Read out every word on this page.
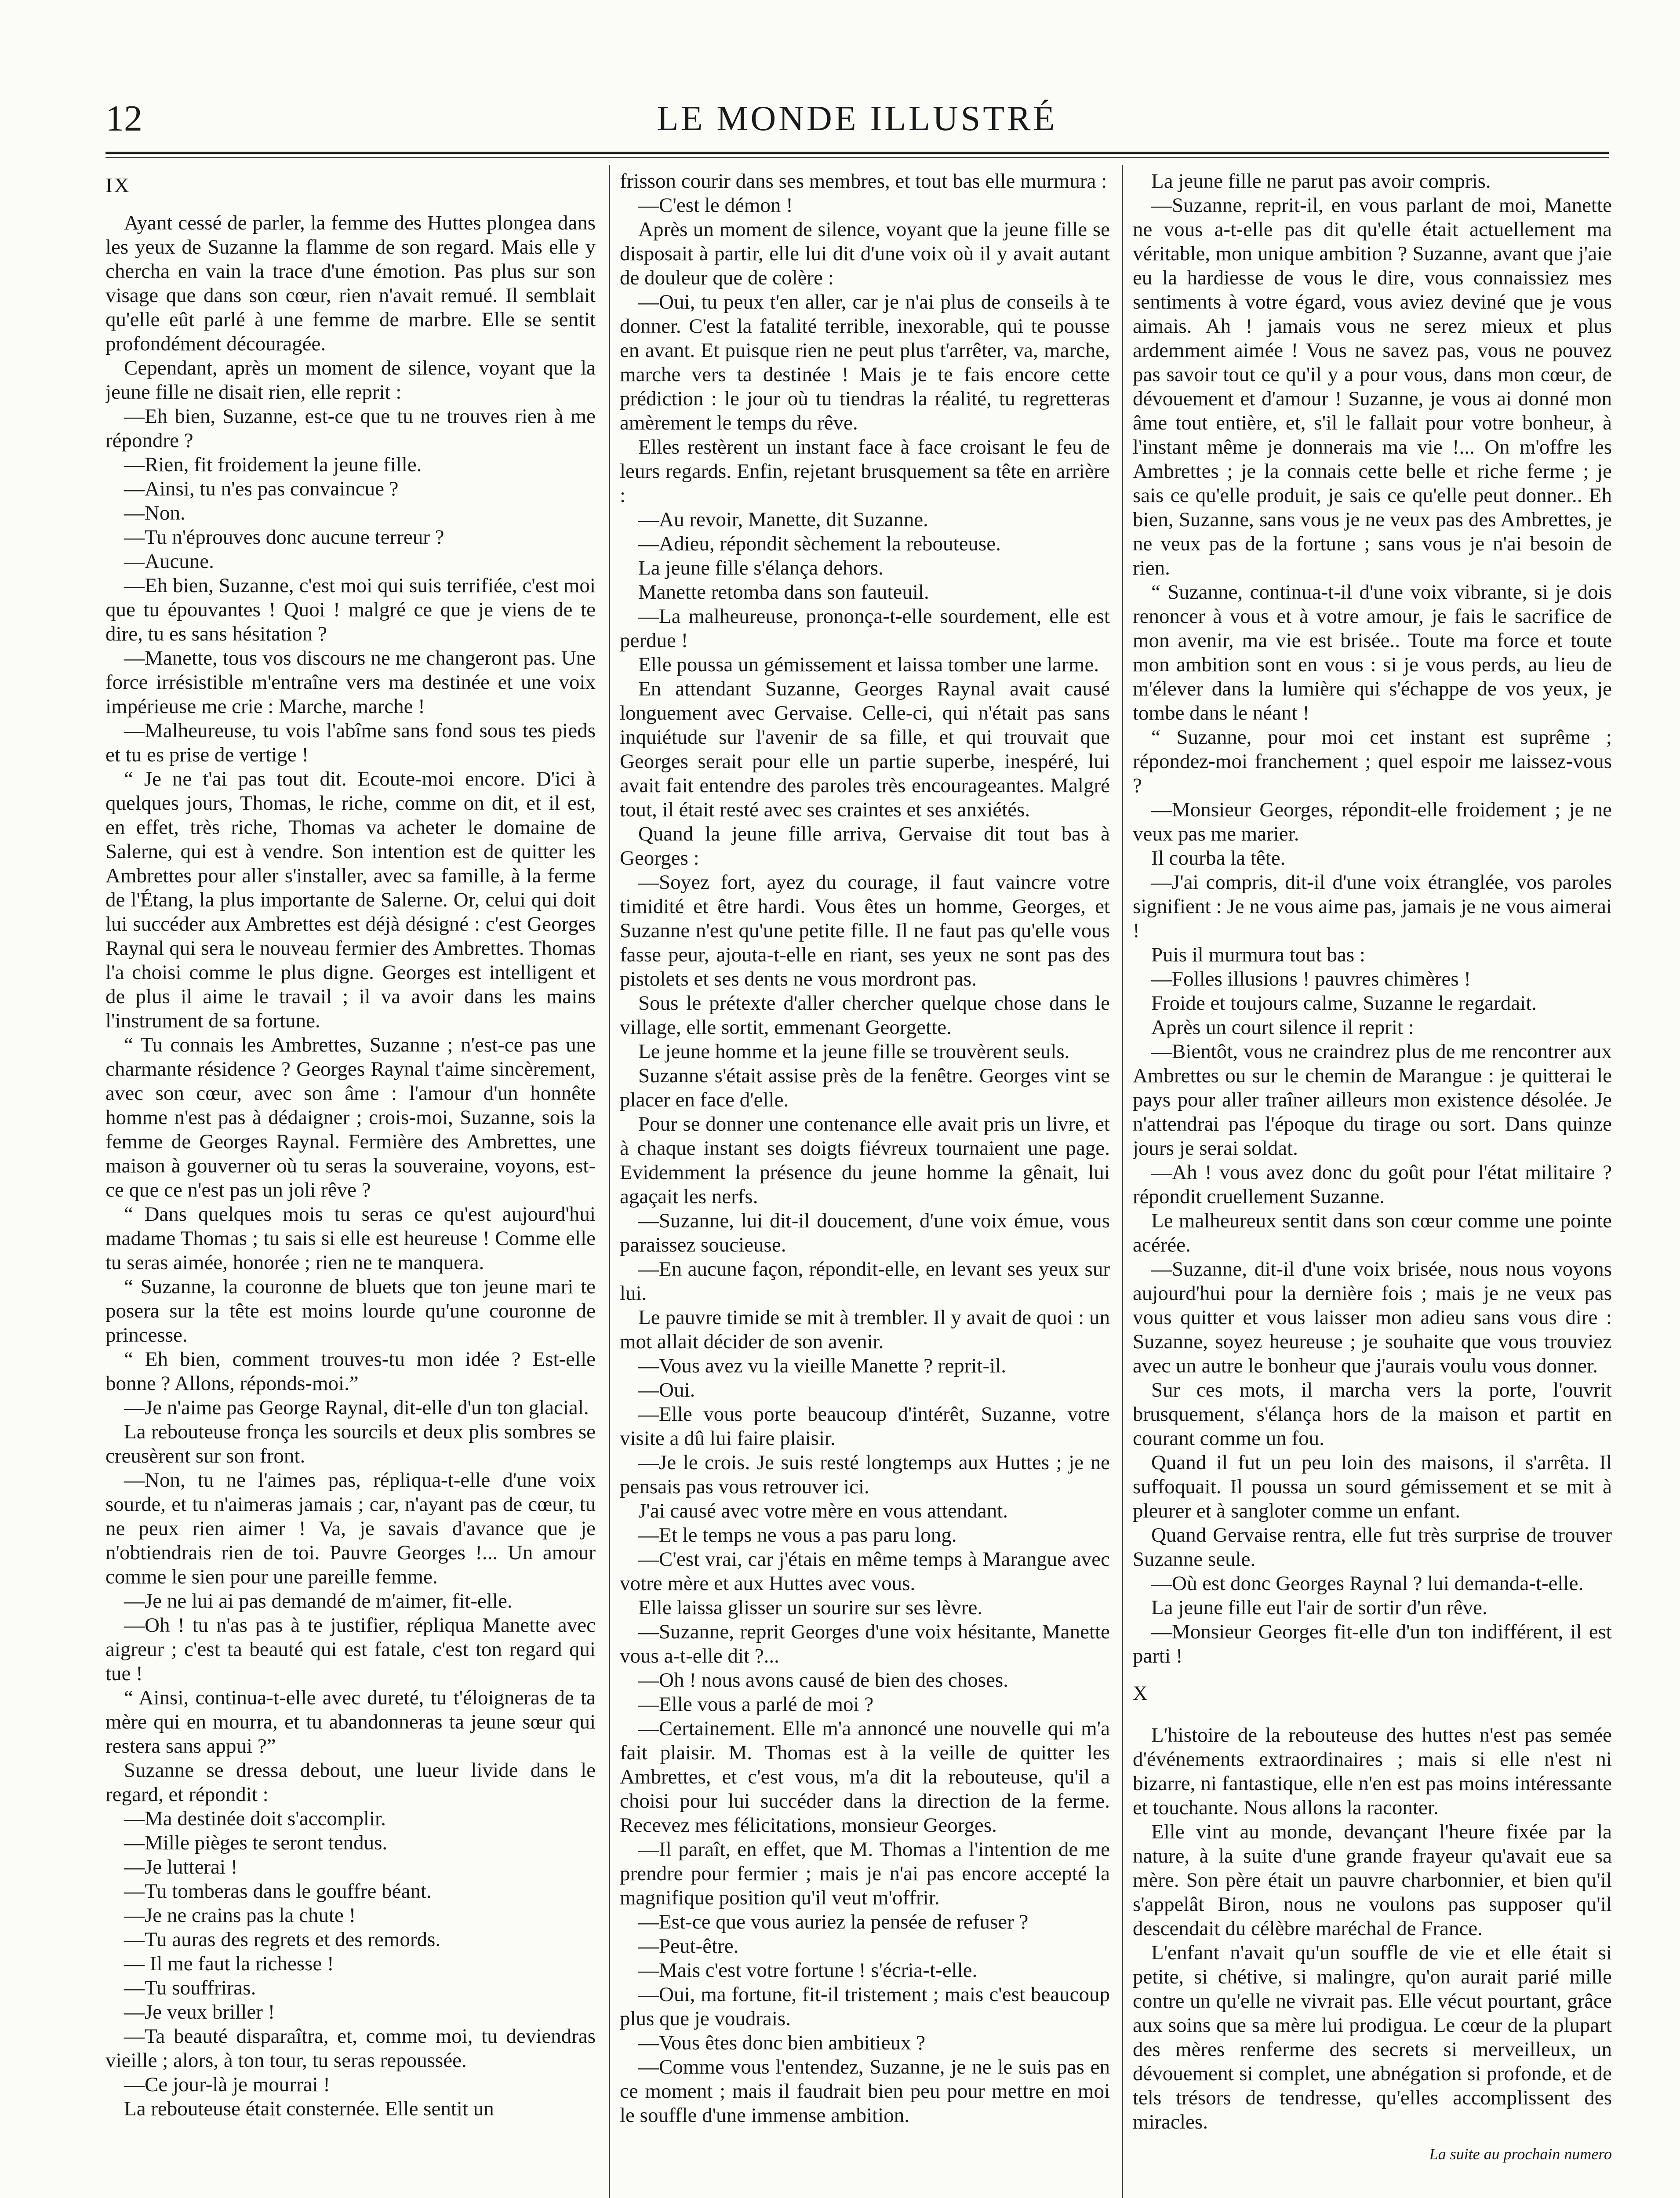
12	LE MONDE ILLUSTRÉ

IX

Ayant cessé de parler, la femme des Huttes plongea dans les yeux de Suzanne la flamme de son regard. Mais elle y chercha en vain la trace d'une émotion. Pas plus sur son visage que dans son cœur, rien n'avait remué. Il semblait qu'elle eût parlé à une femme de marbre. Elle se sentit profondément découragée.

Cependant, après un moment de silence, voyant que la jeune fille ne disait rien, elle reprit :

—Eh bien, Suzanne, est-ce que tu ne trouves rien à me répondre ?

—Rien, fit froidement la jeune fille.

—Ainsi, tu n'es pas convaincue ?

—Non.

—Tu n'éprouves donc aucune terreur ?

—Aucune.

—Eh bien, Suzanne, c'est moi qui suis terrifiée, c'est moi que tu épouvantes ! Quoi ! malgré ce que je viens de te dire, tu es sans hésitation ?

—Manette, tous vos discours ne me changeront pas. Une force irrésistible m'entraîne vers ma destinée et une voix impérieuse me crie : Marche, marche !

—Malheureuse, tu vois l'abîme sans fond sous tes pieds et tu es prise de vertige !

“ Je ne t'ai pas tout dit. Ecoute-moi encore. D'ici à quelques jours, Thomas, le riche, comme on dit, et il est, en effet, très riche, Thomas va acheter le domaine de Salerne, qui est à vendre. Son intention est de quitter les Ambrettes pour aller s'installer, avec sa famille, à la ferme de l'Étang, la plus importante de Salerne. Or, celui qui doit lui succéder aux Ambrettes est déjà désigné : c'est Georges Raynal qui sera le nouveau fermier des Ambrettes. Thomas l'a choisi comme le plus digne. Georges est intelligent et de plus il aime le travail ; il va avoir dans les mains l'instrument de sa fortune.

“ Tu connais les Ambrettes, Suzanne ; n'est-ce pas une charmante résidence ? Georges Raynal t'aime sincèrement, avec son cœur, avec son âme : l'amour d'un honnête homme n'est pas à dédaigner ; crois-moi, Suzanne, sois la femme de Georges Raynal. Fermière des Ambrettes, une maison à gouverner où tu seras la souveraine, voyons, est-ce que ce n'est pas un joli rêve ?

“ Dans quelques mois tu seras ce qu'est aujourd'hui madame Thomas ; tu sais si elle est heureuse ! Comme elle tu seras aimée, honorée ; rien ne te manquera.

“ Suzanne, la couronne de bluets que ton jeune mari te posera sur la tête est moins lourde qu'une couronne de princesse.

“ Eh bien, comment trouves-tu mon idée ? Est-elle bonne ? Allons, réponds-moi.”

—Je n'aime pas George Raynal, dit-elle d'un ton glacial.

La rebouteuse fronça les sourcils et deux plis sombres se creusèrent sur son front.

—Non, tu ne l'aimes pas, répliqua-t-elle d'une voix sourde, et tu n'aimeras jamais ; car, n'ayant pas de cœur, tu ne peux rien aimer ! Va, je savais d'avance que je n'obtiendrais rien de toi. Pauvre Georges !... Un amour comme le sien pour une pareille femme.

—Je ne lui ai pas demandé de m'aimer, fit-elle.

—Oh ! tu n'as pas à te justifier, répliqua Manette avec aigreur ; c'est ta beauté qui est fatale, c'est ton regard qui tue !

“ Ainsi, continua-t-elle avec dureté, tu t'éloigneras de ta mère qui en mourra, et tu abandonneras ta jeune sœur qui restera sans appui ?”

Suzanne se dressa debout, une lueur livide dans le regard, et répondit :

—Ma destinée doit s'accomplir.

—Mille pièges te seront tendus.

—Je lutterai !

—Tu tomberas dans le gouffre béant.

—Je ne crains pas la chute !

—Tu auras des regrets et des remords.

— Il me faut la richesse !

—Tu souffriras.

—Je veux briller !

—Ta beauté disparaîtra, et, comme moi, tu deviendras vieille ; alors, à ton tour, tu seras repoussée.

—Ce jour-là je mourrai !

La rebouteuse était consternée. Elle sentit un

frisson courir dans ses membres, et tout bas elle murmura :

—C'est le démon !

Après un moment de silence, voyant que la jeune fille se disposait à partir, elle lui dit d'une voix où il y avait autant de douleur que de colère :

—Oui, tu peux t'en aller, car je n'ai plus de conseils à te donner. C'est la fatalité terrible, inexorable, qui te pousse en avant. Et puisque rien ne peut plus t'arrêter, va, marche, marche vers ta destinée ! Mais je te fais encore cette prédiction : le jour où tu tiendras la réalité, tu regretteras amèrement le temps du rêve.

Elles restèrent un instant face à face croisant le feu de leurs regards. Enfin, rejetant brusquement sa tête en arrière :

—Au revoir, Manette, dit Suzanne.

—Adieu, répondit sèchement la rebouteuse.

La jeune fille s'élança dehors.

Manette retomba dans son fauteuil.

—La malheureuse, prononça-t-elle sourdement, elle est perdue !

Elle poussa un gémissement et laissa tomber une larme.

En attendant Suzanne, Georges Raynal avait causé longuement avec Gervaise. Celle-ci, qui n'était pas sans inquiétude sur l'avenir de sa fille, et qui trouvait que Georges serait pour elle un partie superbe, inespéré, lui avait fait entendre des paroles très encourageantes. Malgré tout, il était resté avec ses craintes et ses anxiétés.

Quand la jeune fille arriva, Gervaise dit tout bas à Georges :

—Soyez fort, ayez du courage, il faut vaincre votre timidité et être hardi. Vous êtes un homme, Georges, et Suzanne n'est qu'une petite fille. Il ne faut pas qu'elle vous fasse peur, ajouta-t-elle en riant, ses yeux ne sont pas des pistolets et ses dents ne vous mordront pas.

Sous le prétexte d'aller chercher quelque chose dans le village, elle sortit, emmenant Georgette.

Le jeune homme et la jeune fille se trouvèrent seuls.

Suzanne s'était assise près de la fenêtre. Georges vint se placer en face d'elle.

Pour se donner une contenance elle avait pris un livre, et à chaque instant ses doigts fiévreux tournaient une page. Evidemment la présence du jeune homme la gênait, lui agaçait les nerfs.

—Suzanne, lui dit-il doucement, d'une voix émue, vous paraissez soucieuse.

—En aucune façon, répondit-elle, en levant ses yeux sur lui.

Le pauvre timide se mit à trembler. Il y avait de quoi : un mot allait décider de son avenir.

—Vous avez vu la vieille Manette ? reprit-il.

—Oui.

—Elle vous porte beaucoup d'intérêt, Suzanne, votre visite a dû lui faire plaisir.

—Je le crois. Je suis resté longtemps aux Huttes ; je ne pensais pas vous retrouver ici.

J'ai causé avec votre mère en vous attendant.

—Et le temps ne vous a pas paru long.

—C'est vrai, car j'étais en même temps à Marangue avec votre mère et aux Huttes avec vous.

Elle laissa glisser un sourire sur ses lèvre.

—Suzanne, reprit Georges d'une voix hésitante, Manette vous a-t-elle dit ?...

—Oh ! nous avons causé de bien des choses.

—Elle vous a parlé de moi ?

—Certainement. Elle m'a annoncé une nouvelle qui m'a fait plaisir. M. Thomas est à la veille de quitter les Ambrettes, et c'est vous, m'a dit la rebouteuse, qu'il a choisi pour lui succéder dans la direction de la ferme. Recevez mes félicitations, monsieur Georges.

—Il paraît, en effet, que M. Thomas a l'intention de me prendre pour fermier ; mais je n'ai pas encore accepté la magnifique position qu'il veut m'offrir.

—Est-ce que vous auriez la pensée de refuser ?

—Peut-être.

—Mais c'est votre fortune ! s'écria-t-elle.

—Oui, ma fortune, fit-il tristement ; mais c'est beaucoup plus que je voudrais.

—Vous êtes donc bien ambitieux ?

—Comme vous l'entendez, Suzanne, je ne le suis pas en ce moment ; mais il faudrait bien peu pour mettre en moi le souffle d'une immense ambition.

La jeune fille ne parut pas avoir compris.

—Suzanne, reprit-il, en vous parlant de moi, Manette ne vous a-t-elle pas dit qu'elle était actuellement ma véritable, mon unique ambition ? Suzanne, avant que j'aie eu la hardiesse de vous le dire, vous connaissiez mes sentiments à votre égard, vous aviez deviné que je vous aimais. Ah ! jamais vous ne serez mieux et plus ardemment aimée ! Vous ne savez pas, vous ne pouvez pas savoir tout ce qu'il y a pour vous, dans mon cœur, de dévouement et d'amour ! Suzanne, je vous ai donné mon âme tout entière, et, s'il le fallait pour votre bonheur, à l'instant même je donnerais ma vie !... On m'offre les Ambrettes ; je la connais cette belle et riche ferme ; je sais ce qu'elle produit, je sais ce qu'elle peut donner.. Eh bien, Suzanne, sans vous je ne veux pas des Ambrettes, je ne veux pas de la fortune ; sans vous je n'ai besoin de rien.

“ Suzanne, continua-t-il d'une voix vibrante, si je dois renoncer à vous et à votre amour, je fais le sacrifice de mon avenir, ma vie est brisée.. Toute ma force et toute mon ambition sont en vous : si je vous perds, au lieu de m'élever dans la lumière qui s'échappe de vos yeux, je tombe dans le néant !

“ Suzanne, pour moi cet instant est suprême ; répondez-moi franchement ; quel espoir me laissez-vous ?

—Monsieur Georges, répondit-elle froidement ; je ne veux pas me marier.

Il courba la tête.

—J'ai compris, dit-il d'une voix étranglée, vos paroles signifient : Je ne vous aime pas, jamais je ne vous aimerai !

Puis il murmura tout bas :

—Folles illusions ! pauvres chimères !

Froide et toujours calme, Suzanne le regardait.

Après un court silence il reprit :

—Bientôt, vous ne craindrez plus de me rencontrer aux Ambrettes ou sur le chemin de Marangue : je quitterai le pays pour aller traîner ailleurs mon existence désolée. Je n'attendrai pas l'époque du tirage ou sort. Dans quinze jours je serai soldat.

—Ah ! vous avez donc du goût pour l'état militaire ? répondit cruellement Suzanne.

Le malheureux sentit dans son cœur comme une pointe acérée.

—Suzanne, dit-il d'une voix brisée, nous nous voyons aujourd'hui pour la dernière fois ; mais je ne veux pas vous quitter et vous laisser mon adieu sans vous dire : Suzanne, soyez heureuse ; je souhaite que vous trouviez avec un autre le bonheur que j'aurais voulu vous donner.

Sur ces mots, il marcha vers la porte, l'ouvrit brusquement, s'élança hors de la maison et partit en courant comme un fou.

Quand il fut un peu loin des maisons, il s'arrêta. Il suffoquait. Il poussa un sourd gémissement et se mit à pleurer et à sangloter comme un enfant.

Quand Gervaise rentra, elle fut très surprise de trouver Suzanne seule.

—Où est donc Georges Raynal ? lui demanda-t-elle.

La jeune fille eut l'air de sortir d'un rêve.

—Monsieur Georges fit-elle d'un ton indifférent, il est parti !

X

L'histoire de la rebouteuse des huttes n'est pas semée d'événements extraordinaires ; mais si elle n'est ni bizarre, ni fantastique, elle n'en est pas moins intéressante et touchante. Nous allons la raconter.

Elle vint au monde, devançant l'heure fixée par la nature, à la suite d'une grande frayeur qu'avait eue sa mère. Son père était un pauvre charbonnier, et bien qu'il s'appelât Biron, nous ne voulons pas supposer qu'il descendait du célèbre maréchal de France.

L'enfant n'avait qu'un souffle de vie et elle était si petite, si chétive, si malingre, qu'on aurait parié mille contre un qu'elle ne vivrait pas. Elle vécut pourtant, grâce aux soins que sa mère lui prodigua. Le cœur de la plupart des mères renferme des secrets si merveilleux, un dévouement si complet, une abnégation si profonde, et de tels trésors de tendresse, qu'elles accomplissent des miracles.

La suite au prochain numero
